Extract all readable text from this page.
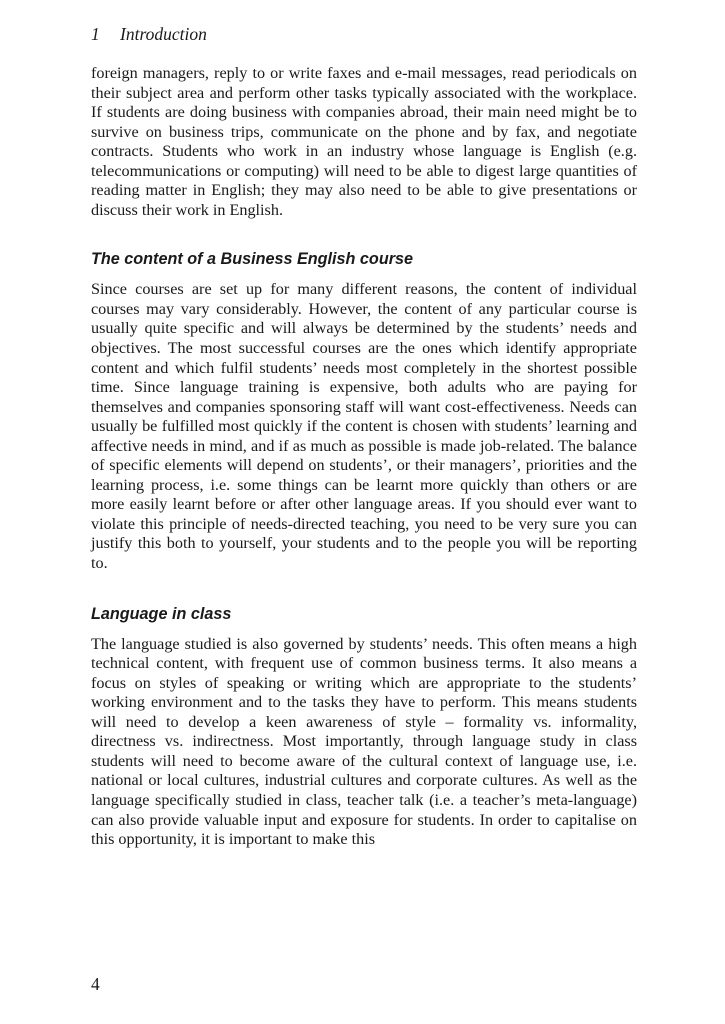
1 Introduction

foreign managers, reply to or write faxes and e-mail messages, read periodicals on their subject area and perform other tasks typically associated with the workplace. If students are doing business with companies abroad, their main need might be to survive on business trips, communicate on the phone and by fax, and negotiate contracts. Students who work in an industry whose language is English (e.g. telecommunications or computing) will need to be able to digest large quantities of reading matter in English; they may also need to be able to give presentations or discuss their work in English.

The content of a Business English course

Since courses are set up for many different reasons, the content of individual courses may vary considerably. However, the content of any particular course is usually quite specific and will always be determined by the students’ needs and objectives. The most successful courses are the ones which identify appropriate content and which fulfil students’ needs most completely in the shortest possible time. Since language training is expensive, both adults who are paying for themselves and companies sponsoring staff will want cost-effectiveness. Needs can usually be fulfilled most quickly if the content is chosen with students’ learning and affective needs in mind, and if as much as possible is made job-related. The balance of specific elements will depend on students’, or their managers’, priorities and the learning process, i.e. some things can be learnt more quickly than others or are more easily learnt before or after other language areas. If you should ever want to violate this principle of needs-directed teaching, you need to be very sure you can justify this both to yourself, your students and to the people you will be reporting to.

Language in class

The language studied is also governed by students’ needs. This often means a high technical content, with frequent use of common business terms. It also means a focus on styles of speaking or writing which are appropriate to the students’ working environment and to the tasks they have to perform. This means students will need to develop a keen awareness of style – formality vs. informality, directness vs. indirectness. Most importantly, through language study in class students will need to become aware of the cultural context of language use, i.e. national or local cultures, industrial cultures and corporate cultures. As well as the language specifically studied in class, teacher talk (i.e. a teacher’s meta-language) can also provide valuable input and exposure for students. In order to capitalise on this opportunity, it is important to make this

4
